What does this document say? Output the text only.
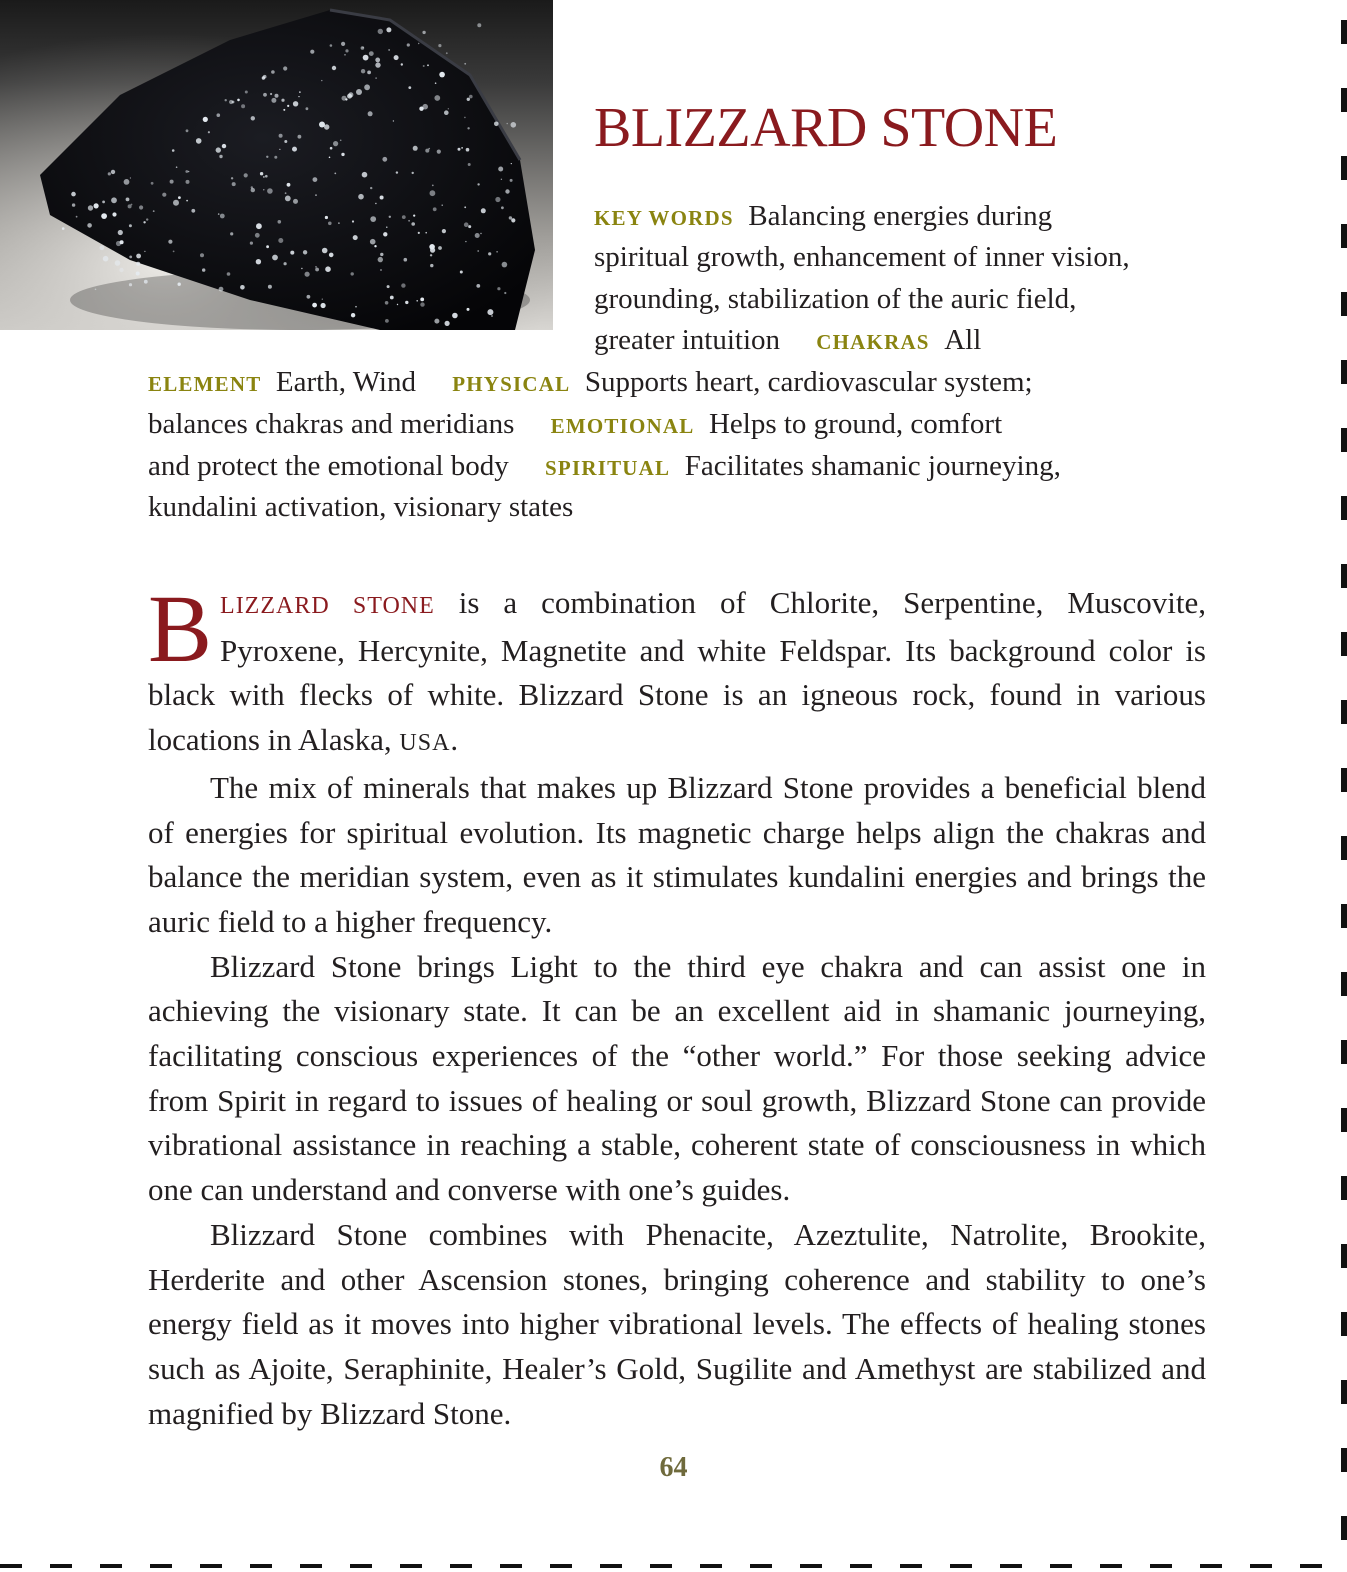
BLIZZARD STONE
KEY WORDS Balancing energies during
spiritual growth, enhancement of inner vision,
grounding, stabilization of the auric field,
greater intuition CHAKRAS All
ELEMENT Earth, Wind PHYSICAL Supports heart, cardiovascular system;
balances chakras and meridians EMOTIONAL Helps to ground, comfort
and protect the emotional body SPIRITUAL Facilitates shamanic journeying,
kundalini activation, visionary states

BLIZZARD STONE is a combination of Chlorite, Serpentine, Muscovite, Pyroxene, Hercynite, Magnetite and white Feldspar. Its background color is black with flecks of white. Blizzard Stone is an igneous rock, found in various locations in Alaska, USA.

The mix of minerals that makes up Blizzard Stone provides a beneficial blend of energies for spiritual evolution. Its magnetic charge helps align the chakras and balance the meridian system, even as it stimulates kundalini energies and brings the auric field to a higher frequency.

Blizzard Stone brings Light to the third eye chakra and can assist one in achieving the visionary state. It can be an excellent aid in shamanic journeying, facilitating conscious experiences of the “other world.” For those seeking advice from Spirit in regard to issues of healing or soul growth, Blizzard Stone can provide vibrational assistance in reaching a stable, coherent state of consciousness in which one can understand and converse with one’s guides.

Blizzard Stone combines with Phenacite, Azeztulite, Natrolite, Brookite, Herderite and other Ascension stones, bringing coherence and stability to one’s energy field as it moves into higher vibrational levels. The effects of healing stones such as Ajoite, Seraphinite, Healer’s Gold, Sugilite and Amethyst are stabilized and magnified by Blizzard Stone.

64
